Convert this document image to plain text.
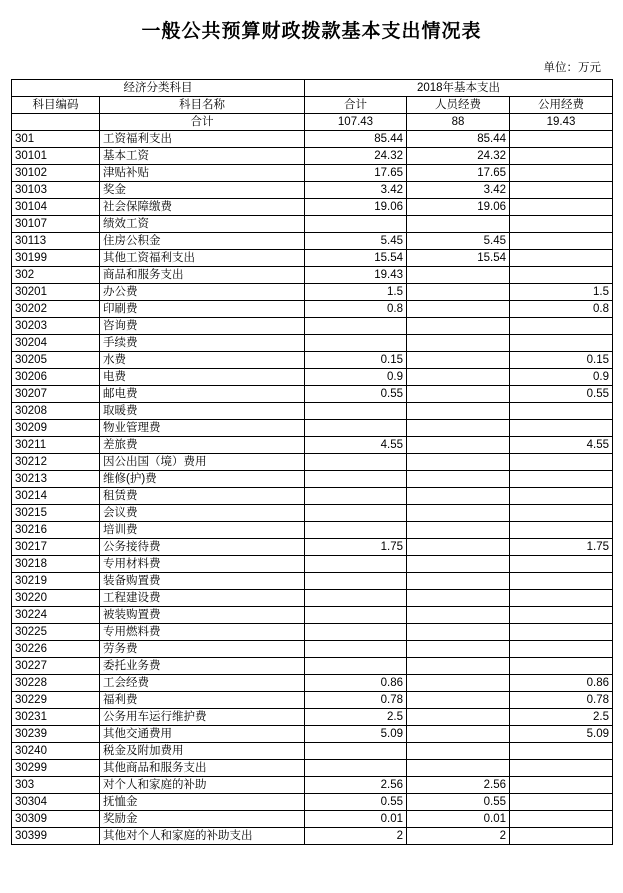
一般公共预算财政拨款基本支出情况表
单位：万元
经济分类科目		2018年基本支出		
科目编码	科目名称	合计	人员经费	公用经费
	合计	107.43	88	19.43
301	工资福利支出	85.44	85.44	
30101	基本工资	24.32	24.32	
30102	津贴补贴	17.65	17.65	
30103	奖金	3.42	3.42	
30104	社会保障缴费	19.06	19.06	
30107	绩效工资			
30113	住房公积金	5.45	5.45	
30199	其他工资福利支出	15.54	15.54	
302	商品和服务支出	19.43		
30201	办公费	1.5		1.5
30202	印刷费	0.8		0.8
30203	咨询费			
30204	手续费			
30205	水费	0.15		0.15
30206	电费	0.9		0.9
30207	邮电费	0.55		0.55
30208	取暖费			
30209	物业管理费			
30211	差旅费	4.55		4.55
30212	因公出国（境）费用			
30213	维修(护)费			
30214	租赁费			
30215	会议费			
30216	培训费			
30217	公务接待费	1.75		1.75
30218	专用材料费			
30219	装备购置费			
30220	工程建设费			
30224	被装购置费			
30225	专用燃料费			
30226	劳务费			
30227	委托业务费			
30228	工会经费	0.86		0.86
30229	福利费	0.78		0.78
30231	公务用车运行维护费	2.5		2.5
30239	其他交通费用	5.09		5.09
30240	税金及附加费用			
30299	其他商品和服务支出			
303	对个人和家庭的补助	2.56	2.56	
30304	抚恤金	0.55	0.55	
30309	奖励金	0.01	0.01	
30399	其他对个人和家庭的补助支出	2	2	
